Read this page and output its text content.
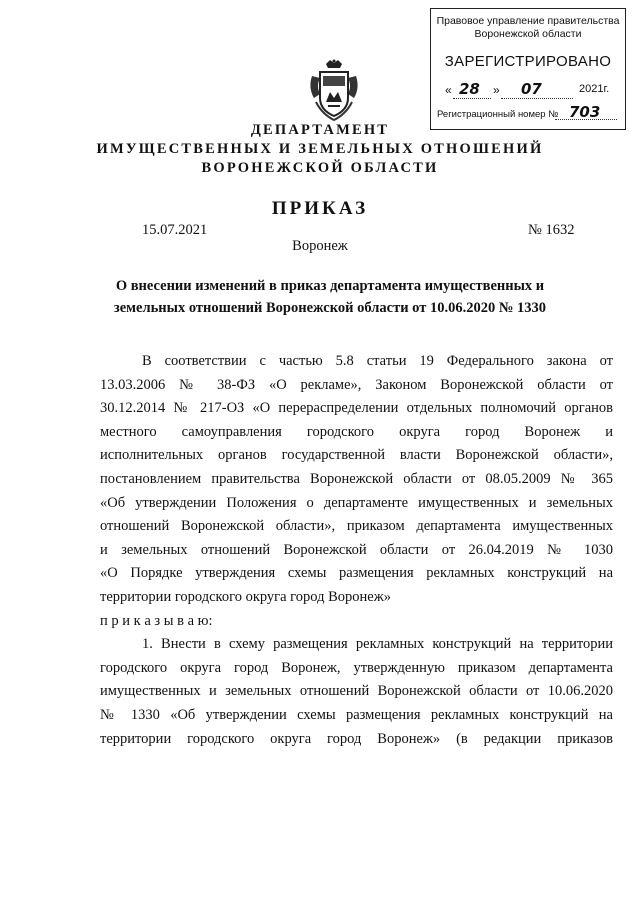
Правовое управление правительства
Воронежской области
ЗАРЕГИСТРИРОВАНО
« 28 » 07	2021г.
Регистрационный номер № 703
ДЕПАРТАМЕНТ
ИМУЩЕСТВЕННЫХ И ЗЕМЕЛЬНЫХ ОТНОШЕНИЙ
ВОРОНЕЖСКОЙ ОБЛАСТИ
ПРИКАЗ
15.07.2021	№ 1632
Воронеж
О внесении изменений в приказ департамента имущественных и
земельных отношений Воронежской области от 10.06.2020 № 1330
В соответствии с частью 5.8 статьи 19 Федерального закона от
13.03.2006 № 38-ФЗ «О рекламе», Законом Воронежской области от
30.12.2014 № 217-ОЗ «О перераспределении отдельных полномочий органов
местного самоуправления городского округа город Воронеж и
исполнительных органов государственной власти Воронежской области»,
постановлением правительства Воронежской области от 08.05.2009 № 365
«Об утверждении Положения о департаменте имущественных и земельных
отношений Воронежской области», приказом департамента имущественных
и земельных отношений Воронежской области от 26.04.2019 № 1030
«О Порядке утверждения схемы размещения рекламных конструкций на
территории городского округа город Воронеж»
п р и к а з ы в а ю:
1. Внести в схему размещения рекламных конструкций на территории
городского округа город Воронеж, утвержденную приказом департамента
имущественных и земельных отношений Воронежской области от 10.06.2020
№ 1330 «Об утверждении схемы размещения рекламных конструкций на
территории городского округа город Воронеж» (в редакции приказов
